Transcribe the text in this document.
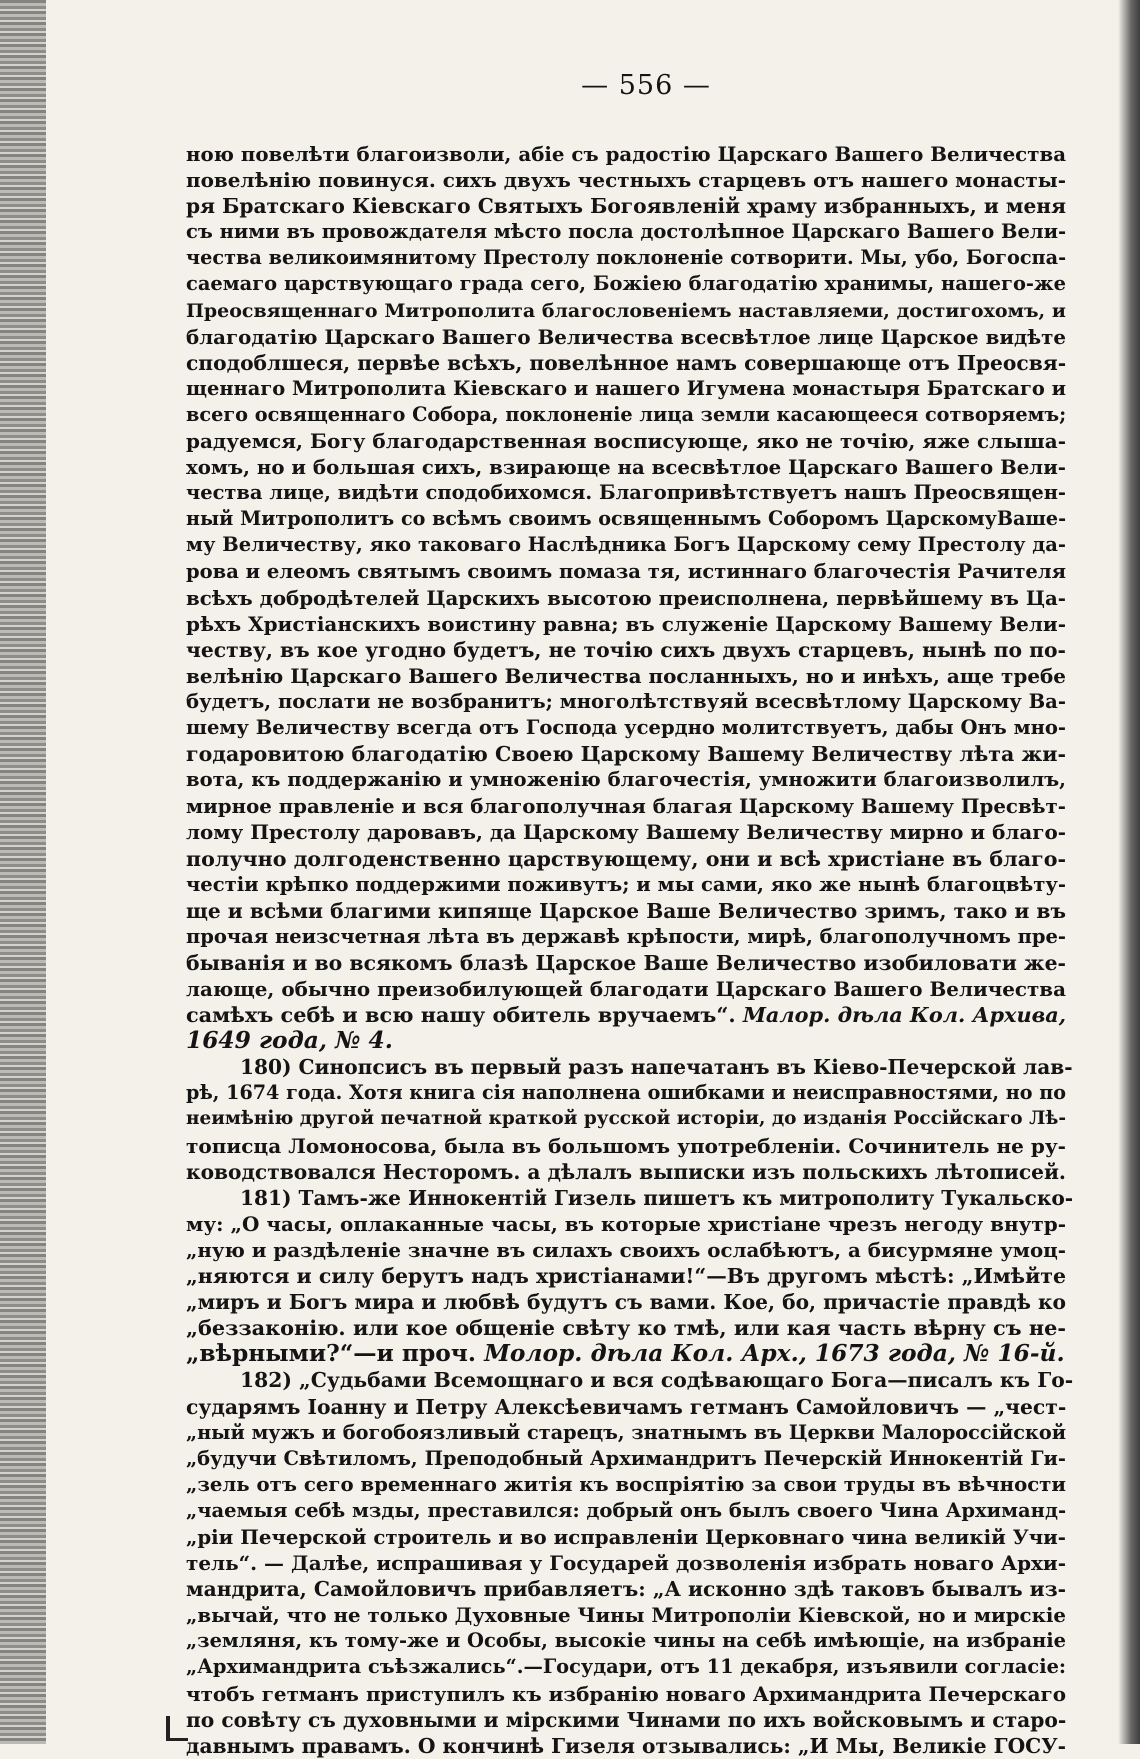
— 556 —
ною повелѣти благоизволи, абіе съ радостію Царскаго Вашего Величества
повелѣнію повинуся. сихъ двухъ честныхъ старцевъ отъ нашего монасты-
ря Братскаго Кіевскаго Святыхъ Богоявленій храму избранныхъ, и меня
съ ними въ провождателя мѣсто посла достолѣпное Царскаго Вашего Вели-
чества великоимянитому Престолу поклоненіе сотворити. Мы, убо, Богоспа-
саемаго царствующаго града сего, Божіею благодатію хранимы, нашего-же
Преосвященнаго Митрополита благословеніемъ наставляеми, достигохомъ, и
благодатію Царскаго Вашего Величества всесвѣтлое лице Царское видѣте
сподоблшеся, первѣе всѣхъ, повелѣнное намъ совершающе отъ Преосвя-
щеннаго Митрополита Кіевскаго и нашего Игумена монастыря Братскаго и
всего освященнаго Собора, поклоненіе лица земли касающееся сотворяемъ;
радуемся, Богу благодарственная восписующе, яко не точію, яже слыша-
хомъ, но и большая сихъ, взирающе на всесвѣтлое Царскаго Вашего Вели-
чества лице, видѣти сподобихомся. Благопривѣтствуетъ нашъ Преосвящен-
ный Митрополитъ со всѣмъ своимъ освященнымъ Соборомъ ЦарскомуВаше-
му Величеству, яко таковаго Наслѣдника Богъ Царскому сему Престолу да-
рова и елеомъ святымъ своимъ помаза тя, истиннаго благочестія Рачителя
всѣхъ добродѣтелей Царскихъ высотою преисполнена, первѣйшему въ Ца-
рѣхъ Христіанскихъ воистину равна; въ служеніе Царскому Вашему Вели-
честву, въ кое угодно будетъ, не точію сихъ двухъ старцевъ, нынѣ по по-
велѣнію Царскаго Вашего Величества посланныхъ, но и инѣхъ, аще требе
будетъ, послати не возбранитъ; многолѣтствуяй всесвѣтлому Царскому Ва-
шему Величеству всегда отъ Господа усердно молитствуетъ, дабы Онъ мно-
годаровитою благодатію Своею Царскому Вашему Величеству лѣта жи-
вота, къ поддержанію и умноженію благочестія, умножити благоизволилъ,
мирное правленіе и вся благополучная благая Царскому Вашему Пресвѣт-
лому Престолу даровавъ, да Царскому Вашему Величеству мирно и благо-
получно долгоденственно царствующему, они и всѣ христіане въ благо-
честіи крѣпко поддержими поживутъ; и мы сами, яко же нынѣ благоцвѣту-
ще и всѣми благими кипяще Царское Ваше Величество зримъ, тако и въ
прочая неизсчетная лѣта въ державѣ крѣпости, мирѣ, благополучномъ пре-
быванія и во всякомъ блазѣ Царское Ваше Величество изобиловати же-
лающе, обычно преизобилующей благодати Царскаго Вашего Величества
самѣхъ себѣ и всю нашу обитель вручаемъ“. Малор. дѣла Кол. Архива,
1649 года, № 4.
180) Синопсисъ въ первый разъ напечатанъ въ Кіево-Печерской лав-
рѣ, 1674 года. Хотя книга сія наполнена ошибками и неисправностями, но по
неимѣнію другой печатной краткой русской исторіи, до изданія Россійскаго Лѣ-
тописца Ломоносова, была въ большомъ употребленіи. Сочинитель не ру-
ководствовался Несторомъ. а дѣлалъ выписки изъ польскихъ лѣтописей.
181) Тамъ-же Иннокентій Гизель пишетъ къ митрополиту Тукальско-
му: „О часы, оплаканные часы, въ которые христіане чрезъ негоду внутр-
„ную и раздѣленіе значне въ силахъ своихъ ослабѣютъ, а бисурмяне умоц-
„няются и силу берутъ надъ христіанами!“—Въ другомъ мѣстѣ: „Имѣйте
„миръ и Богъ мира и любвѣ будутъ съ вами. Кое, бо, причастіе правдѣ ко
„беззаконію. или кое общеніе свѣту ко тмѣ, или кая часть вѣрну съ не-
„вѣрными?“—и проч. Молор. дѣла Кол. Арх., 1673 года, № 16-й.
182) „Судьбами Всемощнаго и вся содѣвающаго Бога—писалъ къ Го-
сударямъ Іоанну и Петру Алексѣевичамъ гетманъ Самойловичъ — „чест-
„ный мужъ и богобоязливый старецъ, знатнымъ въ Церкви Малороссійской
„будучи Свѣтиломъ, Преподобный Архимандритъ Печерскій Иннокентій Ги-
„зель отъ сего временнаго житія къ воспріятію за свои труды въ вѣчности
„чаемыя себѣ мзды, преставился: добрый онъ былъ своего Чина Архиманд-
„ріи Печерской строитель и во исправленіи Церковнаго чина великій Учи-
тель“. — Далѣе, испрашивая у Государей дозволенія избрать новаго Архи-
мандрита, Самойловичъ прибавляетъ: „А исконно здѣ таковъ бывалъ из-
„вычай, что не только Духовные Чины Митрополіи Кіевской, но и мирскіе
„земляня, къ тому-же и Особы, высокіе чины на себѣ имѣющіе, на избраніе
„Архимандрита съѣзжались“.—Государи, отъ 11 декабря, изъявили согласіе:
чтобъ гетманъ приступилъ къ избранію новаго Архимандрита Печерскаго
по совѣту съ духовными и мірскими Чинами по ихъ войсковымъ и старо-
давнымъ правамъ. О кончинѣ Гизеля отзывались: „И Мы, Великіе ГОСУ-
